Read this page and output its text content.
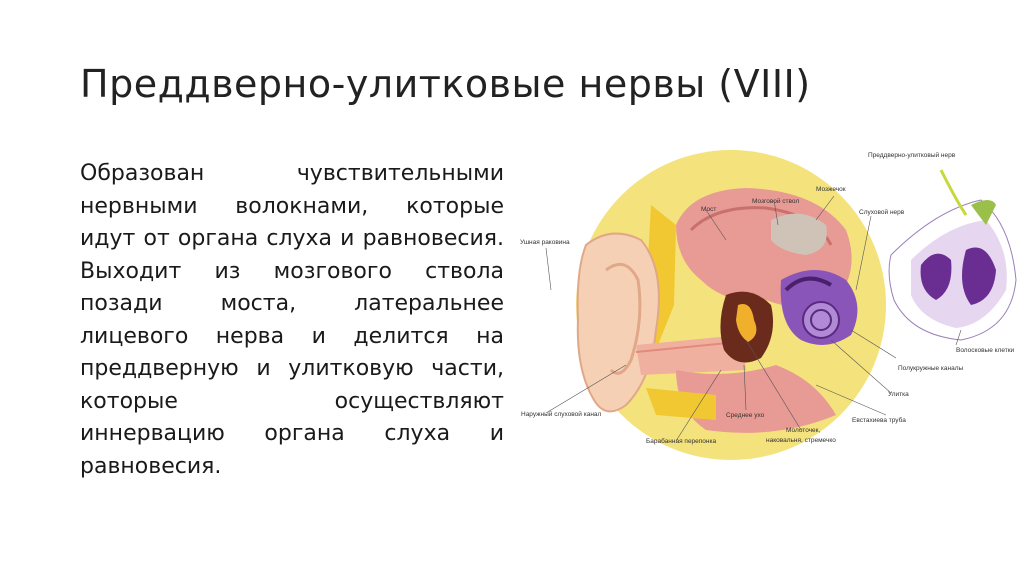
Преддверно-улитковые нервы (VIII)
Образован чувствительными нервными волокнами, которые идут от органа слуха и равновесия. Выходит из мозгового ствола позади моста, латеральнее лицевого нерва и делится на преддверную и улитковую части, которые осуществляют иннервацию органа слуха и равновесия.
Преддверно-улитковый нерв
Мозжечок
Мозговой ствол
Мост	Слуховой нерв
Ушная раковина
Волосковые клетки
Полукружные каналы
Улитка
Евстахиева труба
Наружный слуховой канал	Среднее ухо
Барабанная перепонка
Молоточек,
наковальня, стремечко
